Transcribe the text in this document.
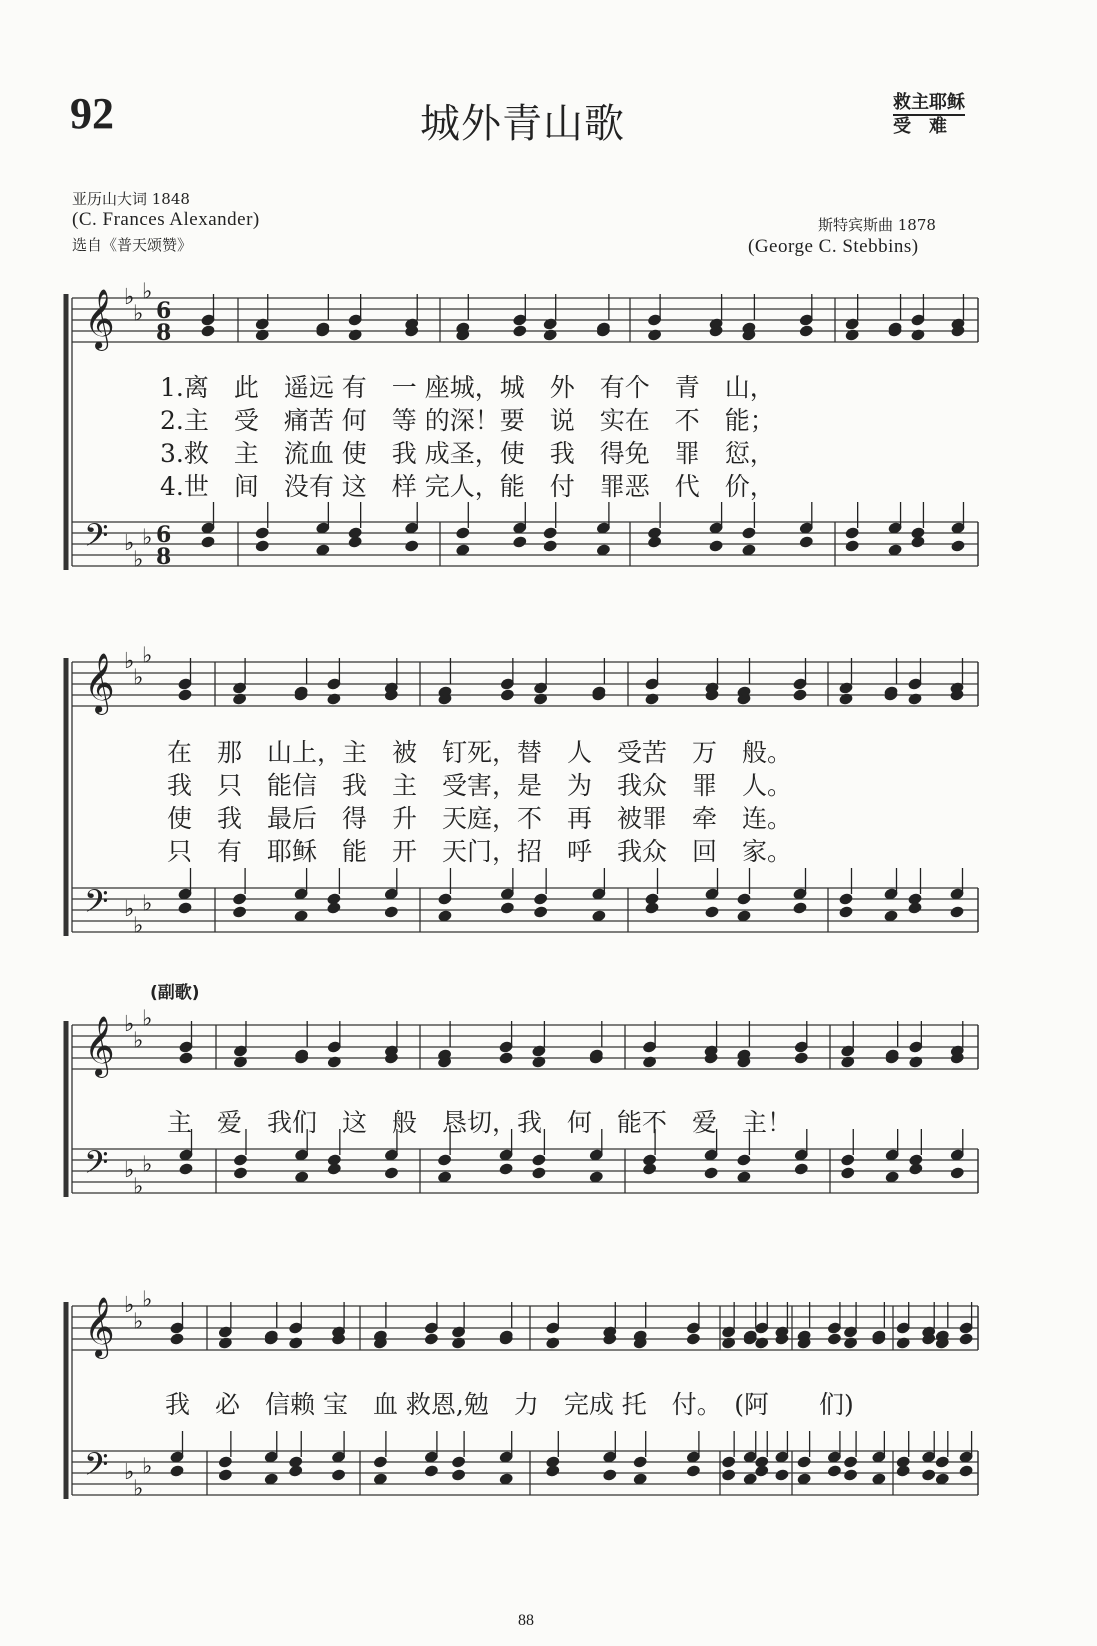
92	城外青山歌	救主耶稣
受　难
亚历山大词 1848
(C. Frances Alexander)
选自《普天颂赞》
斯特宾斯曲 1878
(George C. Stebbins)
𝄞 ♭
♭
♭
6
8
𝄢 ♭
♭
♭ 6
8
𝄞 ♭
♭
♭
𝄢 ♭
♭
♭
𝄞 ♭
♭
♭
𝄢 ♭
♭
♭
𝄞 ♭
♭
♭
𝄢 ♭
♭
♭
1.离　此　遥远 有　一 座城，城　外　有个　青　山，
2.主　受　痛苦 何　等 的深！要　说　实在　不　能；
3.救　主　流血 使　我 成圣，使　我　得免　罪　愆，
4.世　间　没有 这　样 完人，能　付　罪恶　代　价，
在　那　山上，主　被　钉死，替　人　受苦　万　般。
我　只　能信　我　主　受害，是　为　我众　罪　人。
使　我　最后　得　升　天庭，不　再　被罪　牵　连。
只　有　耶稣　能　开　天门，招　呼　我众　回　家。
(副歌)
主　爱　我们　这　般　恳切，我　何　能不　爱　主！
我　必　信赖 宝　血 救恩,勉　力　完成 托　付。　(阿　　们)
88
